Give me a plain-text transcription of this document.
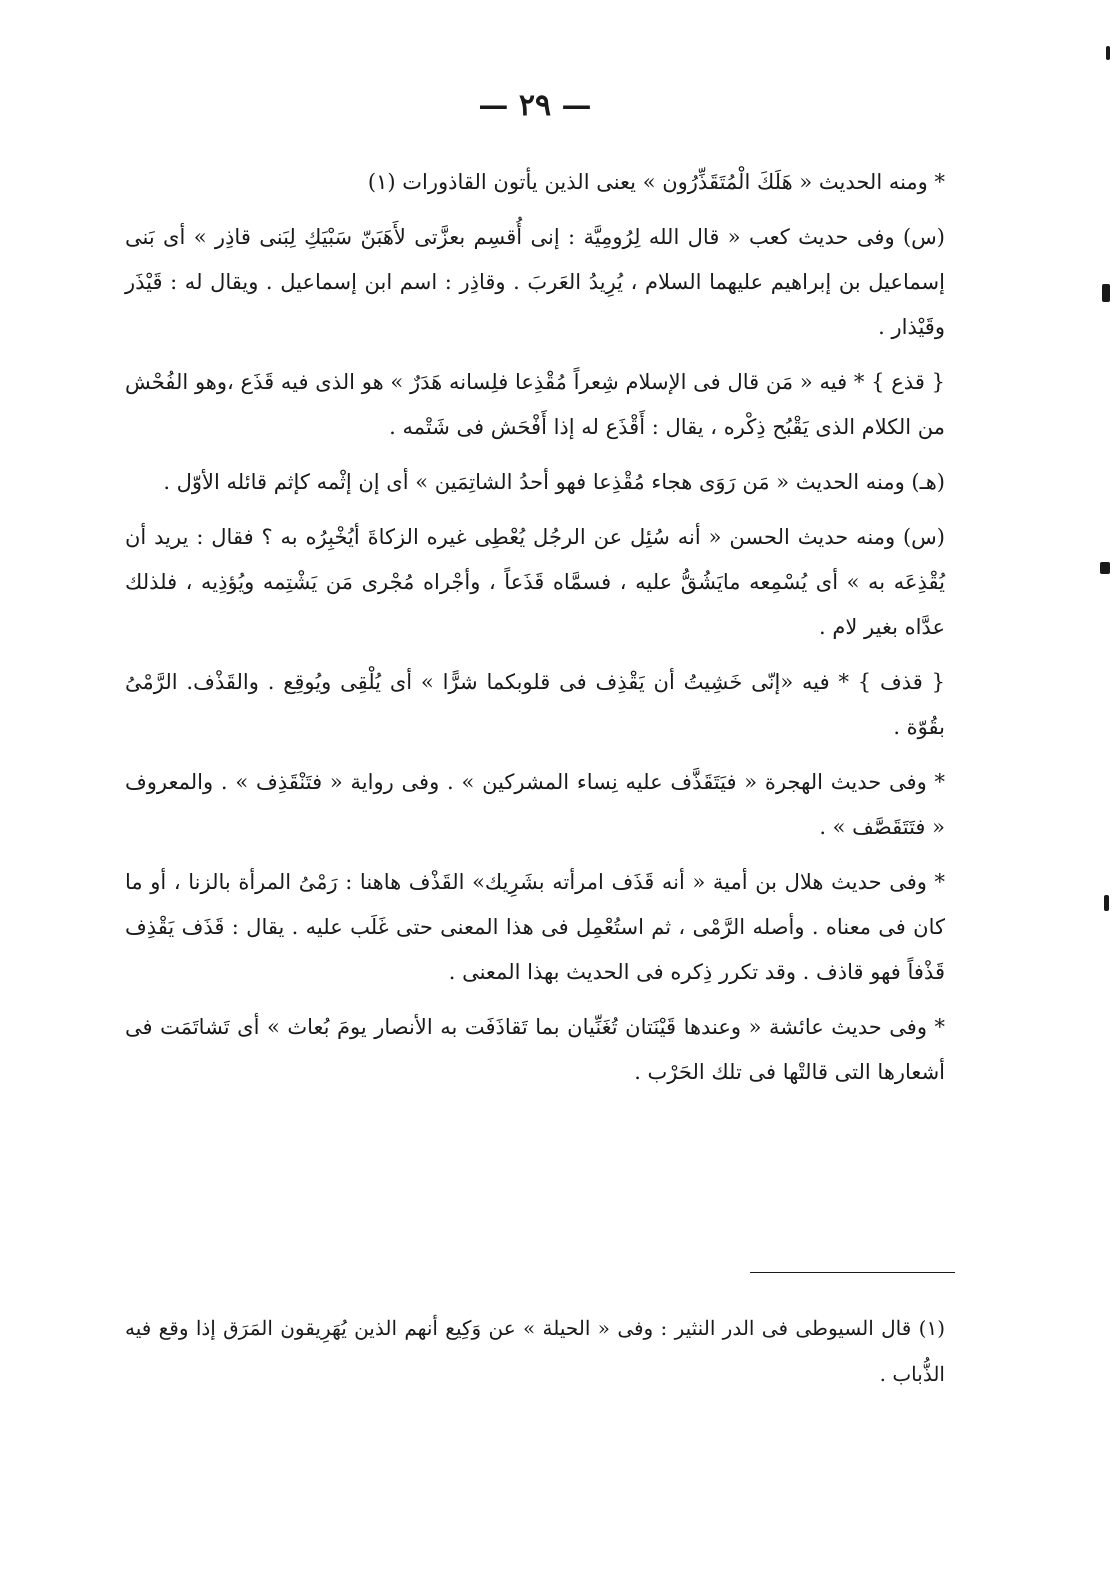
— ٢٩ —

* ومنه الحديث « هَلَكَ الْمُتَقَذِّرُون » يعنى الذين يأتون القاذورات (١)

(س) وفى حديث كعب « قال الله لِرُومِيَّة : إنى أُقسِم بعزَّتى لأَهَبَنّ سَبْيَكِ لِبَنى قاذِر » أى بَنى إسماعيل بن إبراهيم عليهما السلام ، يُرِيدُ العَربَ . وقاذِر : اسم ابن إسماعيل . ويقال له : قَيْذَر وقَيْذار .

{ قذع } * فيه « مَن قال فى الإسلام شِعراً مُقْذِعا فلِسانه هَدَرٌ » هو الذى فيه قَذَع ،وهو الفُحْش من الكلام الذى يَقْبُح ذِكْره ، يقال : أَقْذَع له إذا أَفْحَش فى شَتْمه .

(هـ) ومنه الحديث « مَن رَوَى هجاء مُقْذِعا فهو أحدُ الشاتِمَين » أى إن إثْمه كإثم قائله الأوّل .

(س) ومنه حديث الحسن « أنه سُئِل عن الرجُل يُعْطِى غيره الزكاةَ أيُخْبِرُه به ؟ فقال : يريد أن يُقْذِعَه به » أى يُسْمِعه مايَشُقُّ عليه ، فسمَّاه قَذَعاً ، وأجْراه مُجْرى مَن يَشْتِمه ويُؤذِيه ، فلذلك عدَّاه بغير لام .

{ قذف } * فيه «إنّى خَشِيتُ أن يَقْذِف فى قلوبكما شرًّا » أى يُلْقِى ويُوقِع . والقَذْف. الرَّمْىُ بقُوّة .

* وفى حديث الهجرة « فيَتَقَذَّف عليه نِساء المشركين » . وفى رواية « فتَنْقَذِف » . والمعروف « فتَتَقَصَّف » .

* وفى حديث هلال بن أمية « أنه قَذَف امرأته بشَرِيك» القَذْف هاهنا : رَمْىُ المرأة بالزنا ، أو ما كان فى معناه . وأصله الرَّمْى ، ثم استُعْمِل فى هذا المعنى حتى غَلَب عليه . يقال : قَذَف يَقْذِف قَذْفاً فهو قاذف . وقد تكرر ذِكره فى الحديث بهذا المعنى .

* وفى حديث عائشة « وعندها قَيْنَتان تُغَنِّيان بما تَقاذَفَت به الأنصار يومَ بُعاث » أى تَشاتَمَت فى أشعارها التى قالتْها فى تلك الحَرْب .

(١) قال السيوطى فى الدر النثير : وفى « الحيلة » عن وَكِيع أنهم الذين يُهَرِيقون المَرَق إذا وقع فيه الذُّباب .
